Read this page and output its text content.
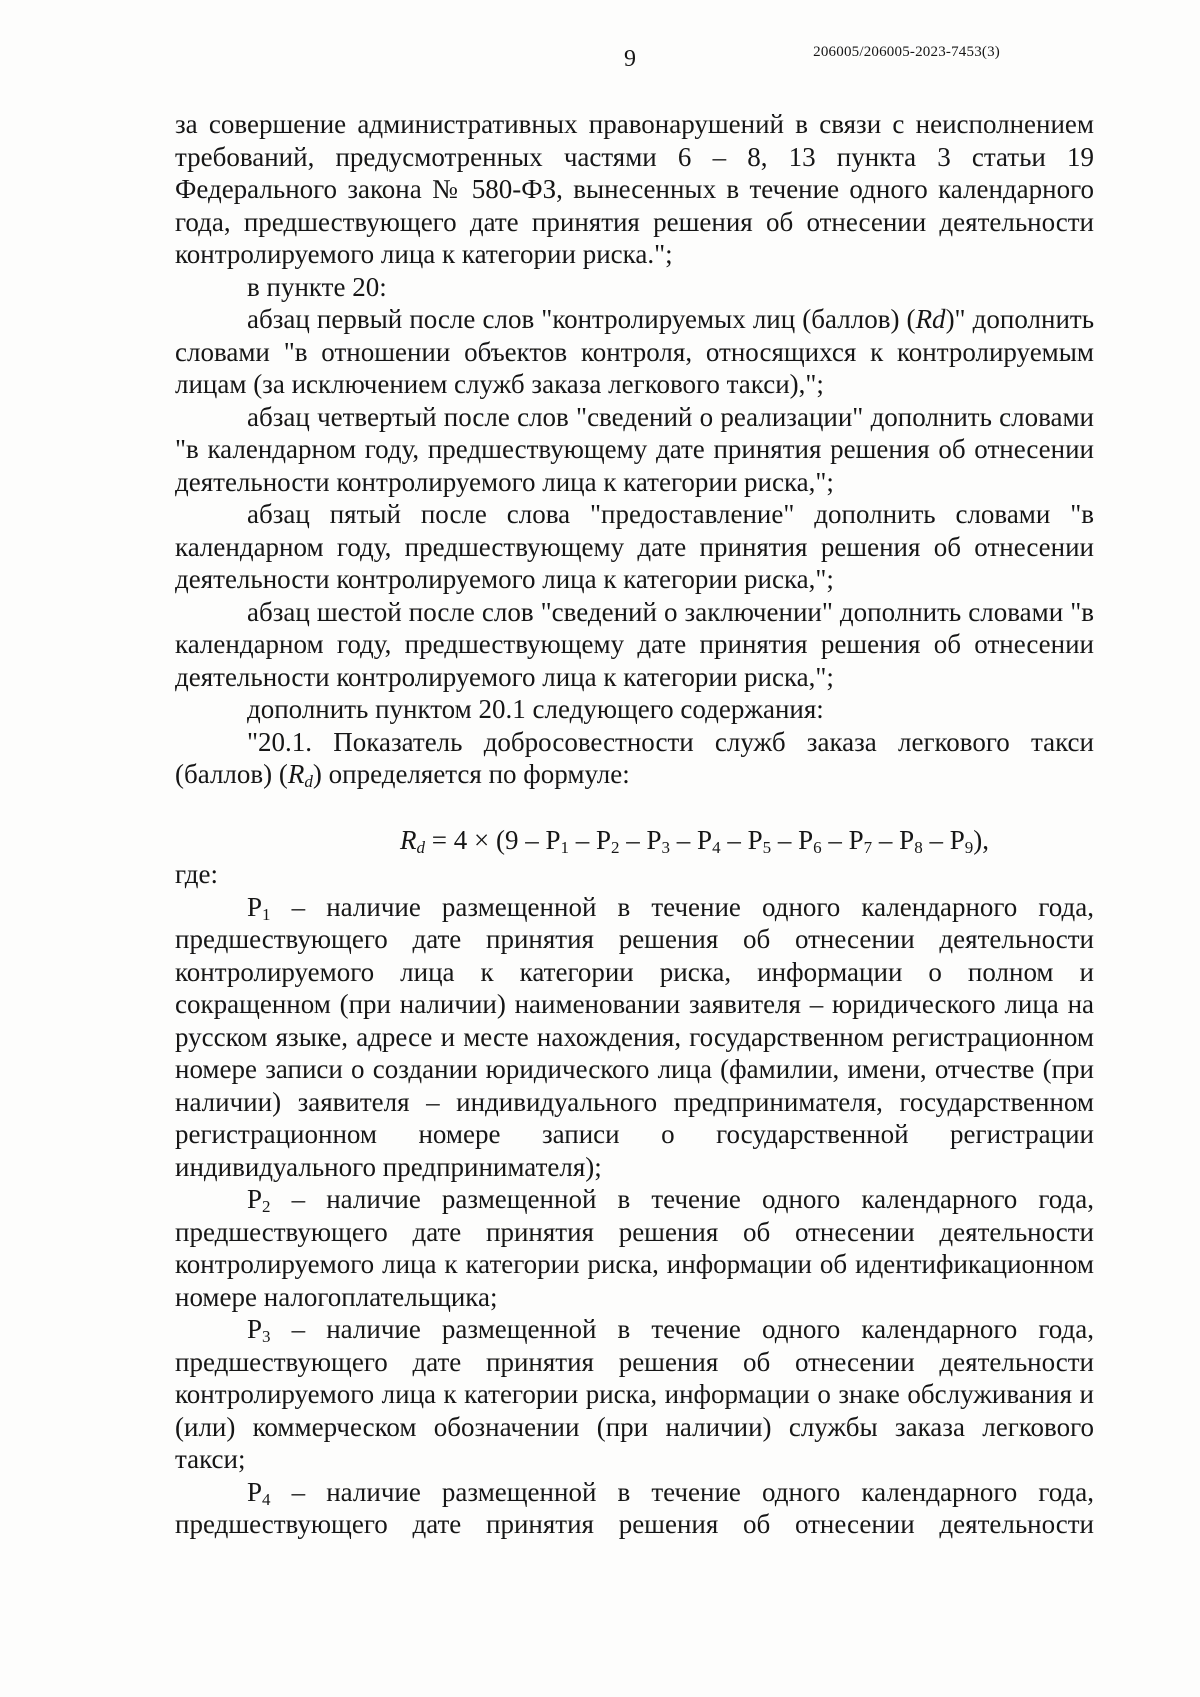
9	206005/206005-2023-7453(3)

за совершение административных правонарушений в связи с неисполнением требований, предусмотренных частями 6 – 8, 13 пункта 3 статьи 19 Федерального закона № 580-ФЗ, вынесенных в течение одного календарного года, предшествующего дате принятия решения об отнесении деятельности контролируемого лица к категории риска.";

в пункте 20:

абзац первый после слов "контролируемых лиц (баллов) (Rd)" дополнить словами "в отношении объектов контроля, относящихся к контролируемым лицам (за исключением служб заказа легкового такси),";

абзац четвертый после слов "сведений о реализации" дополнить словами "в календарном году, предшествующему дате принятия решения об отнесении деятельности контролируемого лица к категории риска,";

абзац пятый после слова "предоставление" дополнить словами "в календарном году, предшествующему дате принятия решения об отнесении деятельности контролируемого лица к категории риска,";

абзац шестой после слов "сведений о заключении" дополнить словами "в календарном году, предшествующему дате принятия решения об отнесении деятельности контролируемого лица к категории риска,";

дополнить пунктом 20.1 следующего содержания:

"20.1. Показатель добросовестности служб заказа легкового такси (баллов) $(R_d)$ определяется по формуле:

$R_d = 4 \times (9 - P_1 - P_2 - P_3 - P_4 - P_5 - P_6 - P_7 - P_8 - P_9)$,

где:

$P_1$ – наличие размещенной в течение одного календарного года, предшествующего дате принятия решения об отнесении деятельности контролируемого лица к категории риска, информации о полном и сокращенном (при наличии) наименовании заявителя – юридического лица на русском языке, адресе и месте нахождения, государственном регистрационном номере записи о создании юридического лица (фамилии, имени, отчестве (при наличии) заявителя – индивидуального предпринимателя, государственном регистрационном номере записи о государственной регистрации индивидуального предпринимателя);

$P_2$ – наличие размещенной в течение одного календарного года, предшествующего дате принятия решения об отнесении деятельности контролируемого лица к категории риска, информации об идентификационном номере налогоплательщика;

$P_3$ – наличие размещенной в течение одного календарного года, предшествующего дате принятия решения об отнесении деятельности контролируемого лица к категории риска, информации о знаке обслуживания и (или) коммерческом обозначении (при наличии) службы заказа легкового такси;

$P_4$ – наличие размещенной в течение одного календарного года, предшествующего дате принятия решения об отнесении деятельности
